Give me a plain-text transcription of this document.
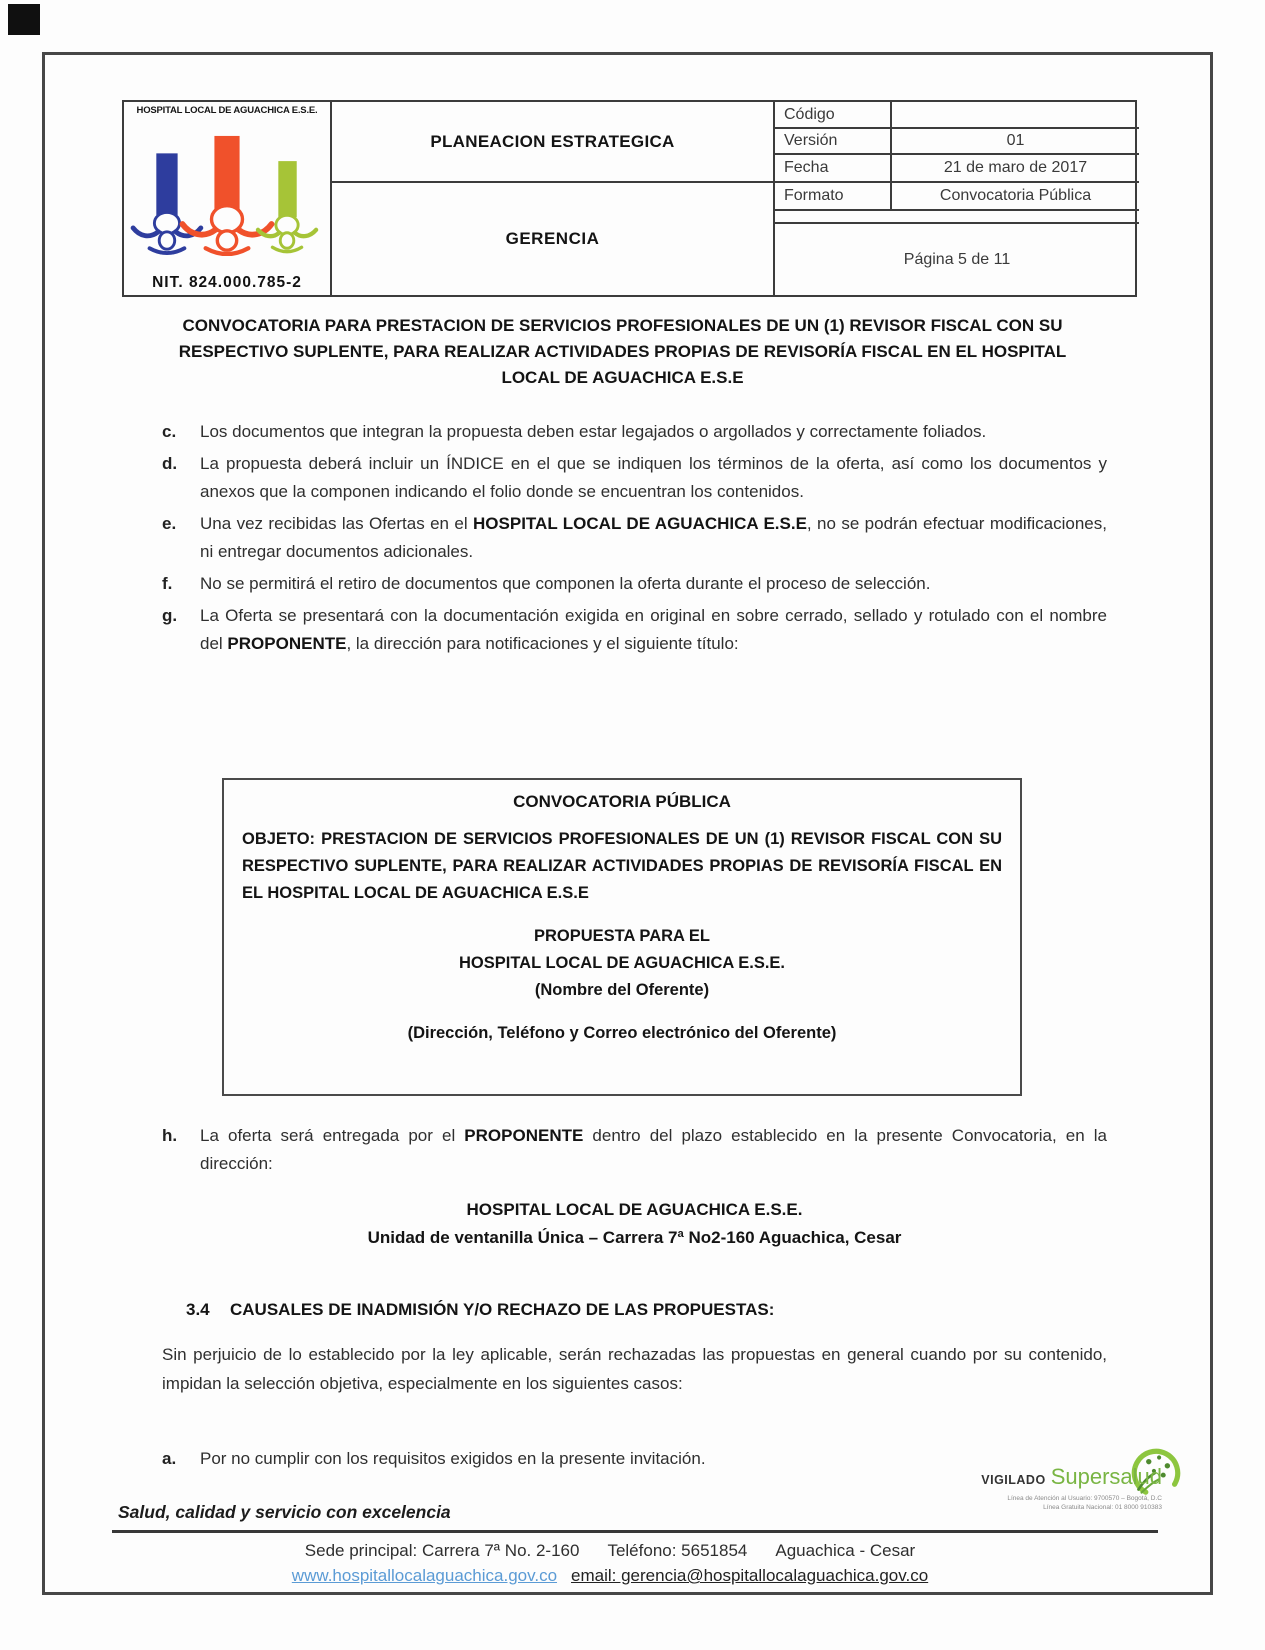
HOSPITAL LOCAL DE AGUACHICA E.S.E.
NIT. 824.000.785-2
PLANEACION ESTRATEGICA
GERENCIA
Código
Versión	01
Fecha	21 de maro de 2017
Formato	Convocatoria Pública
Página 5 de 11
CONVOCATORIA PARA PRESTACION DE SERVICIOS PROFESIONALES DE UN (1) REVISOR FISCAL CON SU RESPECTIVO SUPLENTE, PARA REALIZAR ACTIVIDADES PROPIAS DE REVISORÍA FISCAL EN EL HOSPITAL LOCAL DE AGUACHICA E.S.E
c.	Los documentos que integran la propuesta deben estar legajados o argollados y correctamente foliados.
d.	La propuesta deberá incluir un ÍNDICE en el que se indiquen los términos de la oferta, así como los documentos y anexos que la componen indicando el folio donde se encuentran los contenidos.
e.	Una vez recibidas las Ofertas en el HOSPITAL LOCAL DE AGUACHICA E.S.E, no se podrán efectuar modificaciones, ni entregar documentos adicionales.
f.	No se permitirá el retiro de documentos que componen la oferta durante el proceso de selección.
g.	La Oferta se presentará con la documentación exigida en original en sobre cerrado, sellado y rotulado con el nombre del PROPONENTE, la dirección para notificaciones y el siguiente título:
CONVOCATORIA PÚBLICA
OBJETO: PRESTACION DE SERVICIOS PROFESIONALES DE UN (1) REVISOR FISCAL CON SU RESPECTIVO SUPLENTE, PARA REALIZAR ACTIVIDADES PROPIAS DE REVISORÍA FISCAL EN EL HOSPITAL LOCAL DE AGUACHICA E.S.E
PROPUESTA PARA EL
HOSPITAL LOCAL DE AGUACHICA E.S.E.
(Nombre del Oferente)
(Dirección, Teléfono y Correo electrónico del Oferente)
h.	La oferta será entregada por el PROPONENTE dentro del plazo establecido en la presente Convocatoria, en la dirección:
HOSPITAL LOCAL DE AGUACHICA E.S.E.
Unidad de ventanilla Única – Carrera 7ª No2-160 Aguachica, Cesar
3.4	CAUSALES DE INADMISIÓN Y/O RECHAZO DE LAS PROPUESTAS:
Sin perjuicio de lo establecido por la ley aplicable, serán rechazadas las propuestas en general cuando por su contenido, impidan la selección objetiva, especialmente en los siguientes casos:
a.	Por no cumplir con los requisitos exigidos en la presente invitación.
VIGILADO Supersalud
Línea de Atención al Usuario: 9700570 – Bogotá, D.C
Línea Gratuita Nacional: 01 8000 910383
Salud, calidad y servicio con excelencia
Sede principal: Carrera 7ª No. 2-160 Teléfono: 5651854 Aguachica - Cesar
www.hospitallocalaguachica.gov.co email: gerencia@hospitallocalaguachica.gov.co
